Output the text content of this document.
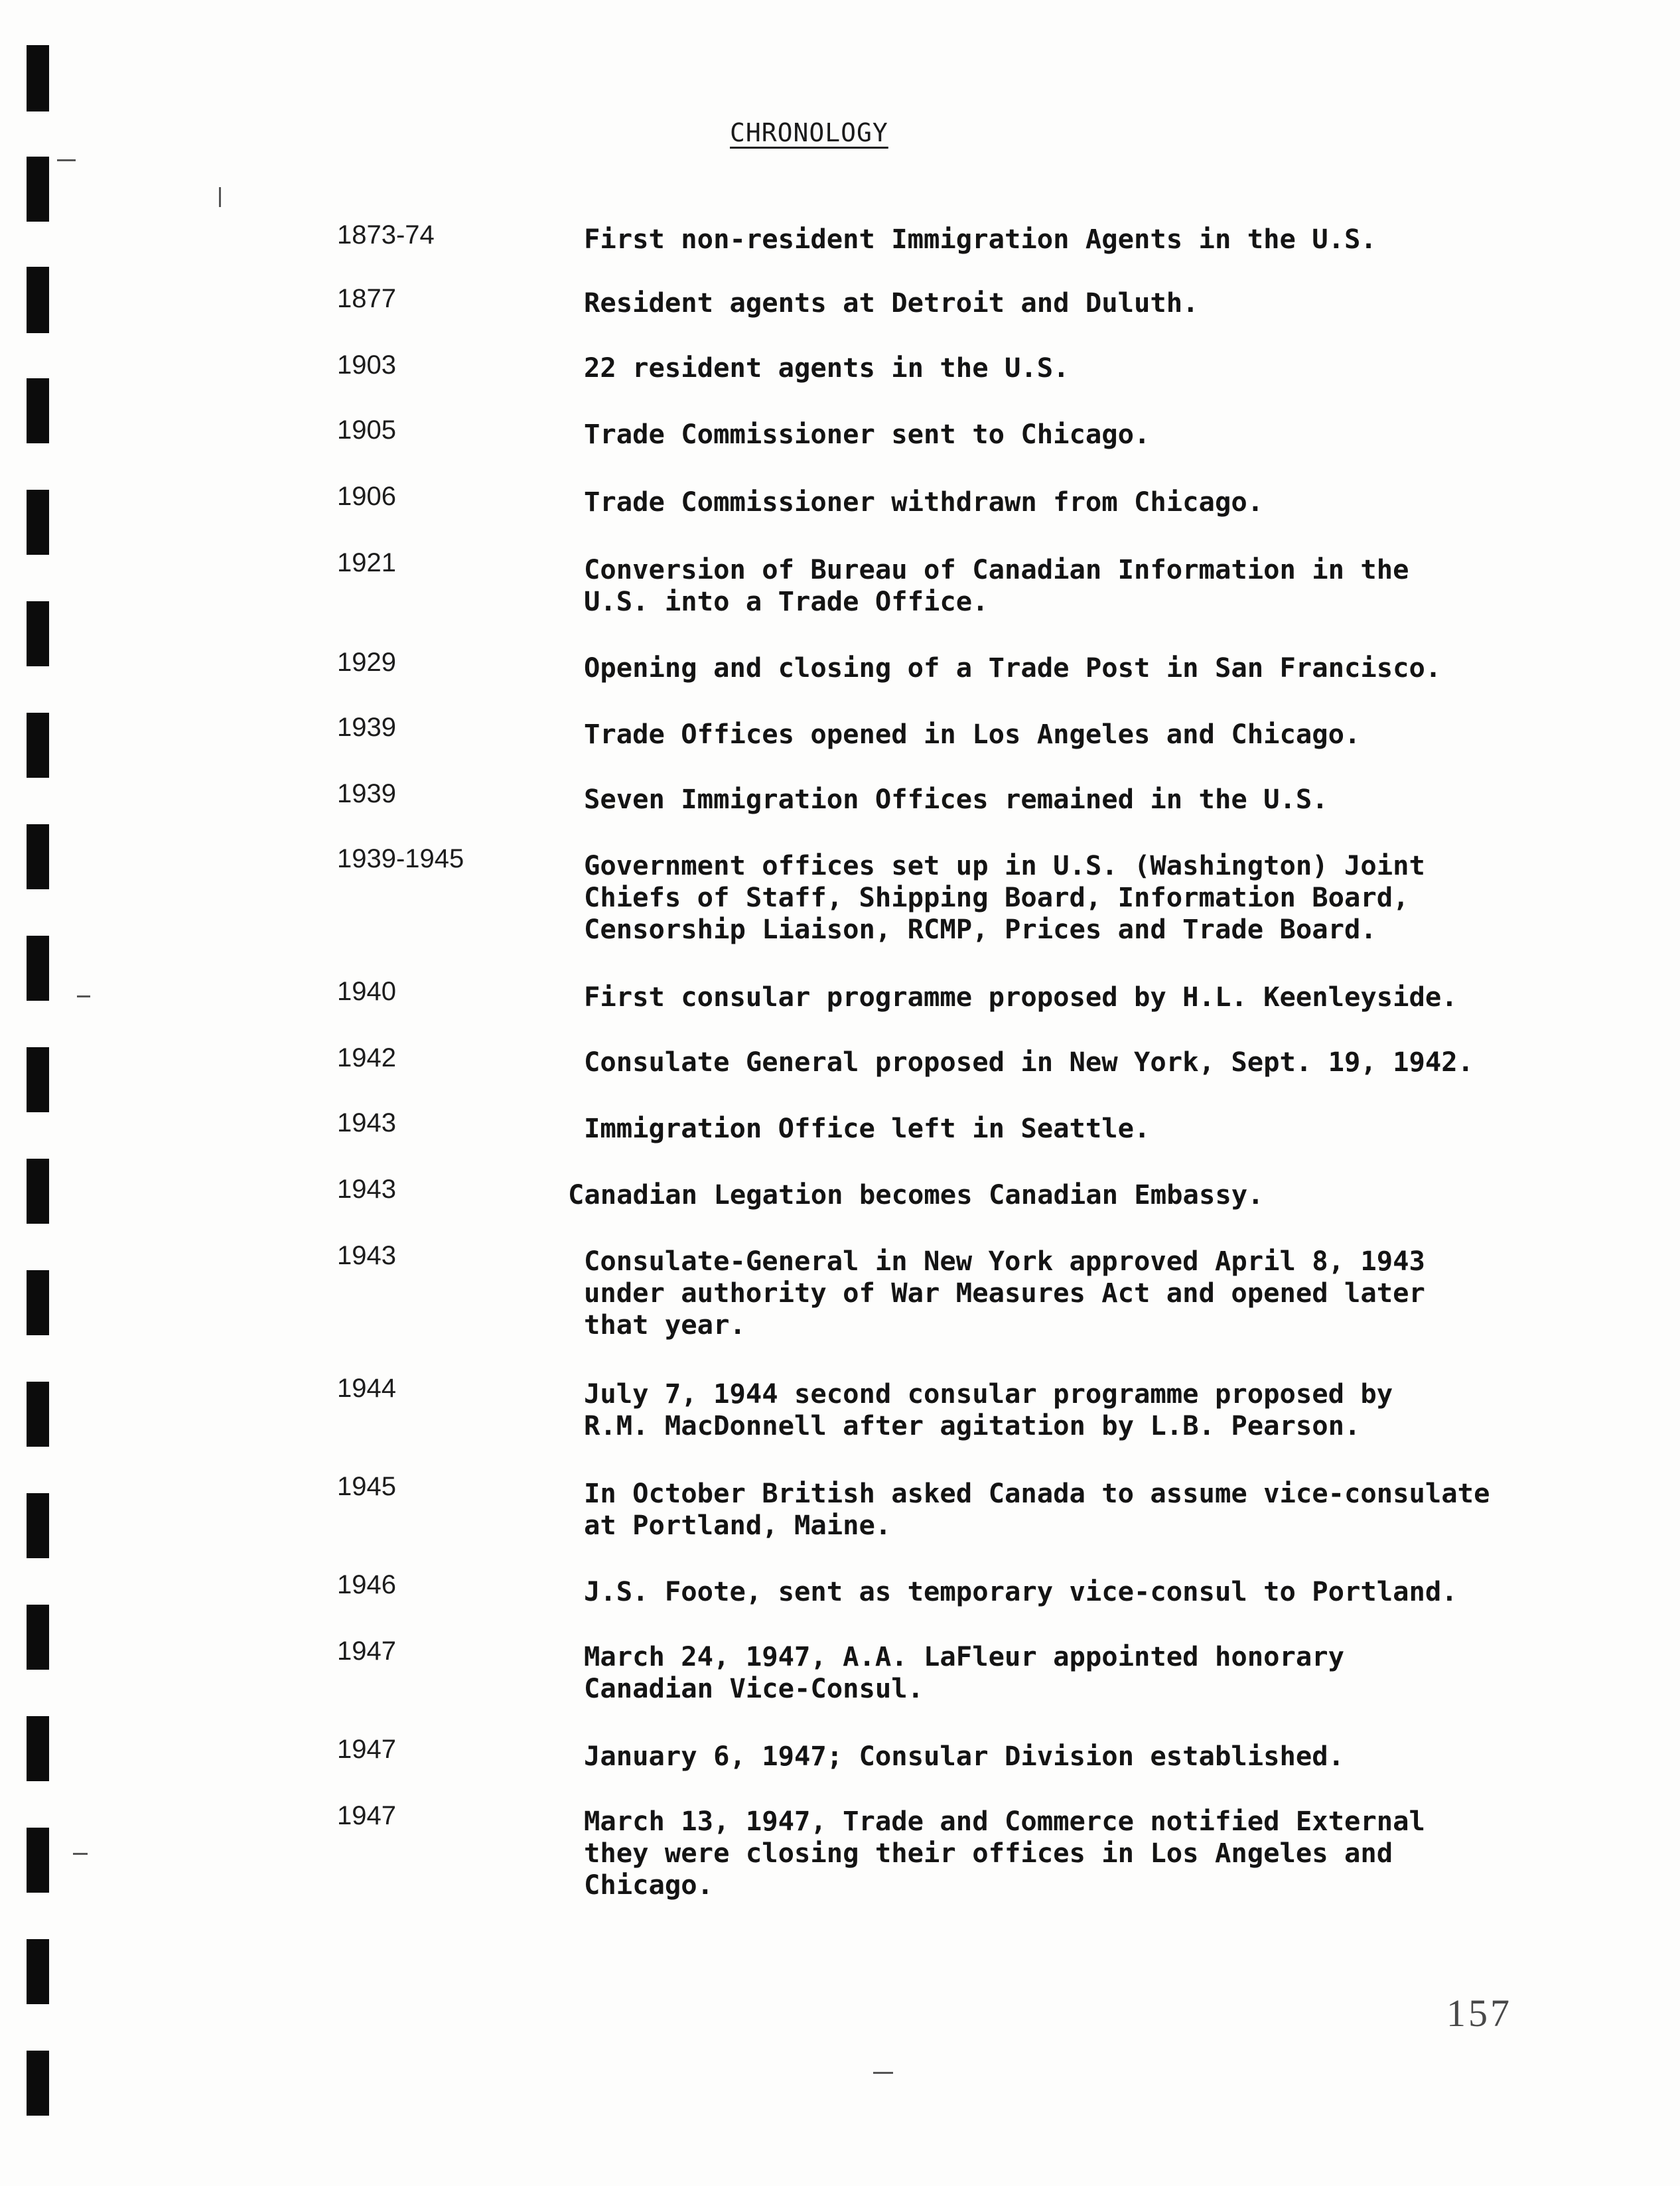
CHRONOLOGY
1873-74	First non-resident Immigration Agents in the U.S.
1877	Resident agents at Detroit and Duluth.
1903	22 resident agents in the U.S.
1905	Trade Commissioner sent to Chicago.
1906	Trade Commissioner withdrawn from Chicago.
1921	Conversion of Bureau of Canadian Information in the
U.S. into a Trade Office.
1929	Opening and closing of a Trade Post in San Francisco.
1939	Trade Offices opened in Los Angeles and Chicago.
1939	Seven Immigration Offices remained in the U.S.
1939-1945	Government offices set up in U.S. (Washington) Joint
Chiefs of Staff, Shipping Board, Information Board,
Censorship Liaison, RCMP, Prices and Trade Board.
1940	First consular programme proposed by H.L. Keenleyside.
1942	Consulate General proposed in New York, Sept. 19, 1942.
1943	Immigration Office left in Seattle.
1943	Canadian Legation becomes Canadian Embassy.
1943	Consulate-General in New York approved April 8, 1943
under authority of War Measures Act and opened later
that year.
1944	July 7, 1944 second consular programme proposed by
R.M. MacDonnell after agitation by L.B. Pearson.
1945	In October British asked Canada to assume vice-consulate
at Portland, Maine.
1946	J.S. Foote, sent as temporary vice-consul to Portland.
1947	March 24, 1947, A.A. LaFleur appointed honorary
Canadian Vice-Consul.
1947	January 6, 1947; Consular Division established.
1947	March 13, 1947, Trade and Commerce notified External
they were closing their offices in Los Angeles and
Chicago.
157
